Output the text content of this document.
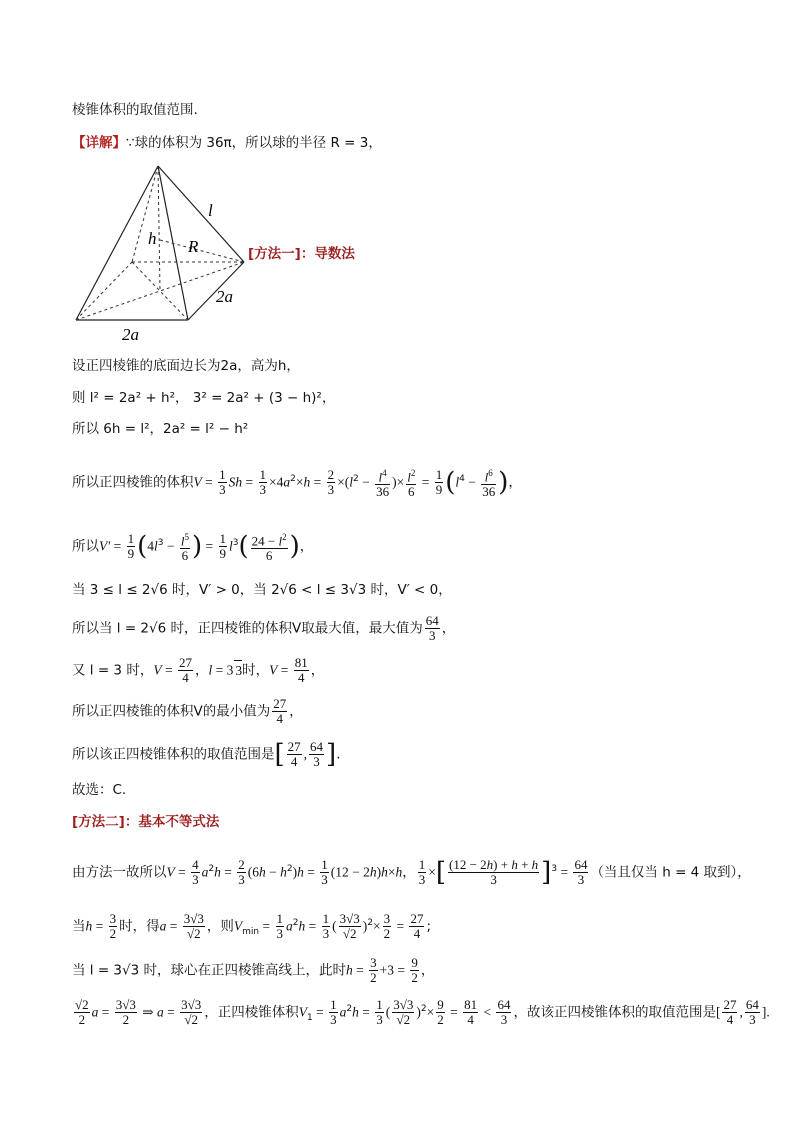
棱锥体积的取值范围.
【详解】∵球的体积为 36π，所以球的半径 R = 3，
l
h R
2a
2a
[方法一]：导数法
设正四棱锥的底面边长为2a，高为h，
则 l² = 2a² + h²， 3² = 2a² + (3 − h)²，
所以 6h = l²，2a² = l² − h²
所以正四棱锥的体积$V = \frac{1}{3}$ $Sh = \frac{1}{3} \times 4a^2\times h = \frac{2}{3} \times(l^2 - \frac{l^4}{36}$ )× $\frac{l^2}{6} = \frac{1}{9} (l^4 - \frac{l^6}{36}$ )，
所以$V' = \frac{1}{9} (4l^3 - \frac{l^5}{6}$ ) = $\frac{1}{9} l^3( \frac{24 - l^2}{6}$ )，
当 3 ≤ l ≤ 2√6 时，V′ > 0，当 2√6 < l ≤ 3√3 时，V′ < 0，
所以当 l = 2√6 时，正四棱锥的体积V取最大值，最大值为 $\frac{64}{3}$ ，
又 l = 3 时，$V = \frac{27}{4}$ ，l = 3 3时，$V = \frac{81}{4}$ ，
所以正四棱锥的体积V的最小值为 $\frac{27}{4}$ ，
所以该正四棱锥体积的取值范围是[ $\frac{27}{4}$ , $\frac{64}{3}$ ].
故选：C.
[方法二]：基本不等式法
由方法一故所以$V = \frac{4}{3} a^2h = \frac{2}{3} (6h - h^2)h = \frac{1}{3} (12 - 2h)h\times h$， $\frac{1}{3}$ ×[ $\frac{(12 - 2h) + h + h}{3} ]^3 = \frac{64}{3}$ （当且仅当 h = 4 取到），
当$h = \frac{3}{2}$ 时，得$a = \frac{3√3}{√2}$ ，则$V_{min} = \frac{1}{3} a^2h = \frac{1}{3}$ ( $\frac{3√3}{√2} )^2\times \frac{3}{2} = \frac{27}{4}$ ;
当 l = 3√3 时，球心在正四棱锥高线上，此时$h = \frac{3}{2} +3 = \frac{9}{2}$ ，
$\frac{√2}{2}$ $a = \frac{3√3}{2}$ ⇒ $a = \frac{3√3}{√2}$ ，正四棱锥体积$V_1 = \frac{1}{3} a^2h = \frac{1}{3}$ ( $\frac{3√3}{√2} )^2\times \frac{9}{2} = \frac{81}{4} < \frac{64}{3}$ ，故该正四棱锥体积的取值范围是[ $\frac{27}{4}$ , $\frac{64}{3}$ ].
